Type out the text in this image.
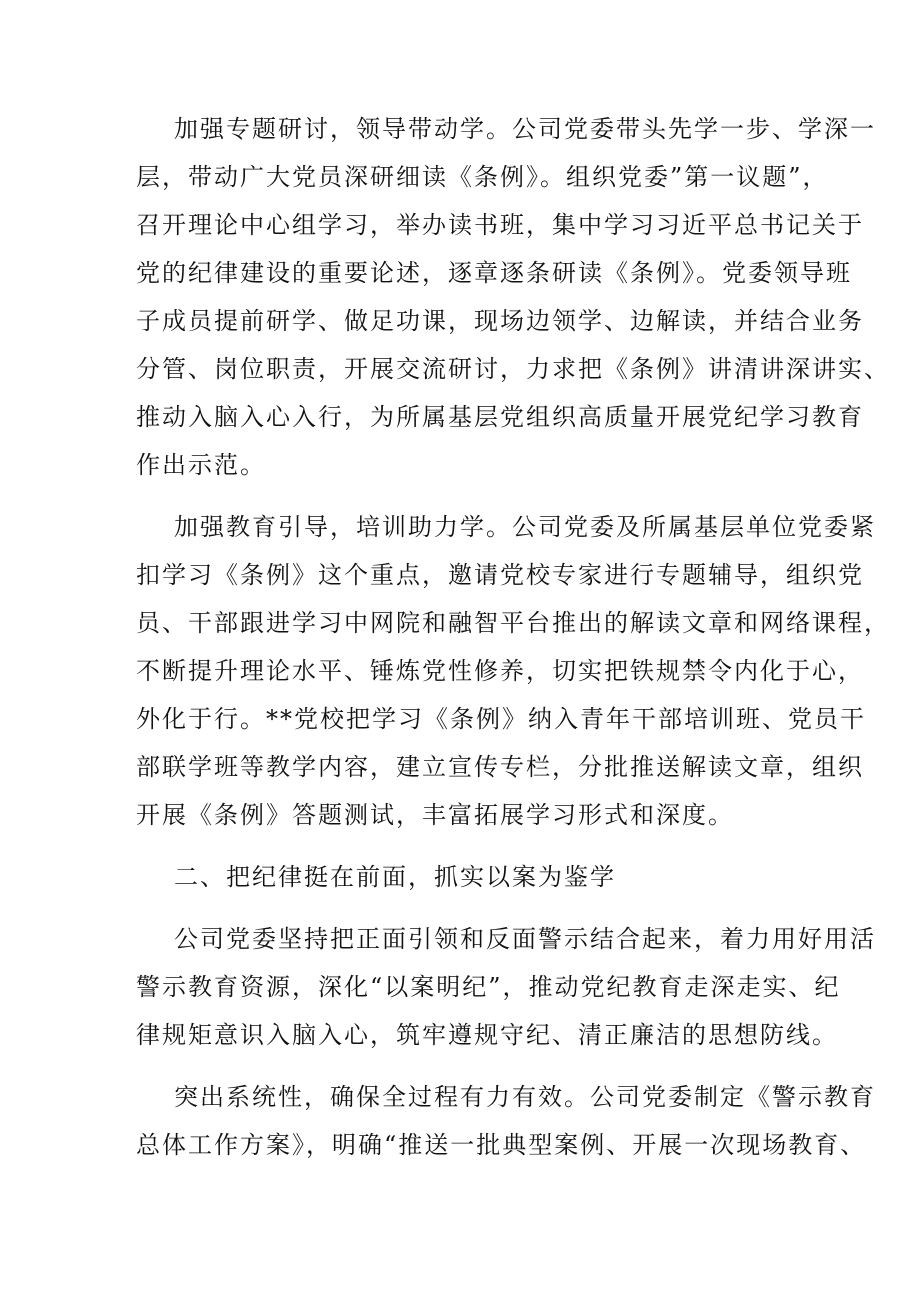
加强专题研讨，领导带动学。公司党委带头先学一步、学深一
层，带动广大党员深研细读《条例》。组织党委”第一议题”，
召开理论中心组学习，举办读书班，集中学习习近平总书记关于
党的纪律建设的重要论述，逐章逐条研读《条例》。党委领导班
子成员提前研学、做足功课，现场边领学、边解读，并结合业务
分管、岗位职责，开展交流研讨，力求把《条例》讲清讲深讲实、
推动入脑入心入行，为所属基层党组织高质量开展党纪学习教育
作出示范。
加强教育引导，培训助力学。公司党委及所属基层单位党委紧
扣学习《条例》这个重点，邀请党校专家进行专题辅导，组织党
员、干部跟进学习中网院和融智平台推出的解读文章和网络课程，
不断提升理论水平、锤炼党性修养，切实把铁规禁令内化于心，
外化于行。**党校把学习《条例》纳入青年干部培训班、党员干
部联学班等教学内容，建立宣传专栏，分批推送解读文章，组织
开展《条例》答题测试，丰富拓展学习形式和深度。
二、把纪律挺在前面，抓实以案为鉴学
公司党委坚持把正面引领和反面警示结合起来，着力用好用活
警示教育资源，深化“以案明纪”，推动党纪教育走深走实、纪
律规矩意识入脑入心，筑牢遵规守纪、清正廉洁的思想防线。
突出系统性，确保全过程有力有效。公司党委制定《警示教育
总体工作方案》，明确“推送一批典型案例、开展一次现场教育、
